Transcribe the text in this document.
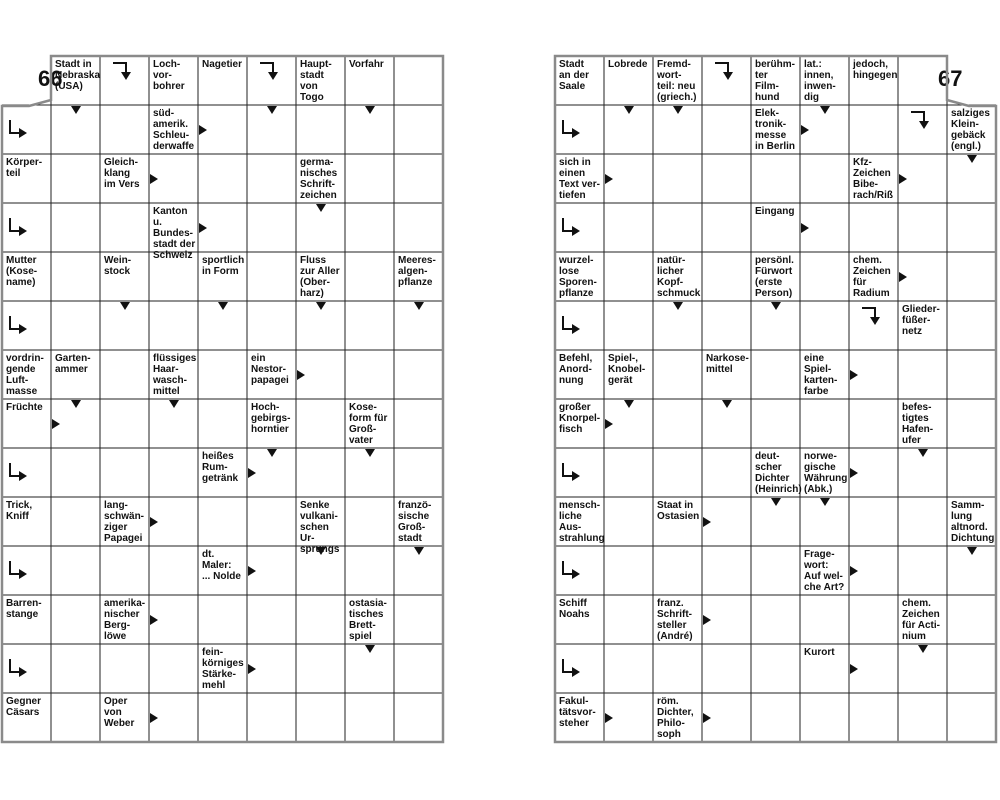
66
Stadt in
Nebraska
(USA)
Loch-
vor-
bohrer
Nagetier	Haupt-
stadt
von Togo
Vorfahr
süd-
amerik.
Schleu-
derwaffe
Körper-
teil
Gleich-
klang
im Vers
germa-
nisches
Schrift-
zeichen
Kanton u.
Bundes-
stadt der
Schweiz
Mutter
(Kose-
name)
Wein-
stock
sportlich
in Form
Fluss
zur Aller
(Ober-
harz)
Meeres-
algen-
pflanze
vordrin-
gende
Luft-
masse
Garten-
ammer
flüssiges
Haar-
wasch-
mittel
ein
Nestor-
papagei
Früchte	Hoch-
gebirgs-
horntier
Kose-
form für
Groß-
vater
heißes
Rum-
getränk
Trick,
Kniff
lang-
schwän-
ziger
Papagei
Senke
vulkani-
schen Ur-
sprungs
franzö-
sische
Groß-
stadt
dt.
Maler:
... Nolde
Barren-
stange
amerika-
nischer
Berg-
löwe
ostasia-
tisches
Brett-
spiel
fein-
körniges
Stärke-
mehl
Gegner
Cäsars
Oper
von
Weber
67
Stadt
an der
Saale
Lobrede Fremd-
wort-
teil: neu
(griech.)
berühm-
ter
Film-
hund
lat.:
innen,
inwen-
dig
jedoch,
hingegen
Elek-
tronik-
messe
in Berlin
salziges
Klein-
gebäck
(engl.)
sich in
einen
Text ver-
tiefen
Kfz-
Zeichen
Bibe-
rach/Riß
Eingang
wurzel-
lose
Sporen-
pflanze
natür-
licher
Kopf-
schmuck
persönl.
Fürwort
(erste
Person)
chem.
Zeichen
für
Radium
Glieder-
füßer-
netz
Befehl,
Anord-
nung
Spiel-,
Knobel-
gerät
Narkose-
mittel
eine
Spiel-
karten-
farbe
großer
Knorpel-
fisch
befes-
tigtes
Hafen-
ufer
deut-
scher
Dichter
(Heinrich)
norwe-
gische
Währung
(Abk.)
mensch-
liche
Aus-
strahlung
Staat in
Ostasien
Samm-
lung
altnord.
Dichtung
Frage-
wort:
Auf wel-
che Art?
Schiff
Noahs
franz.
Schrift-
steller
(André)
chem.
Zeichen
für Acti-
nium
Kurort
Fakul-
tätsvor-
steher
röm.
Dichter,
Philo-
soph
